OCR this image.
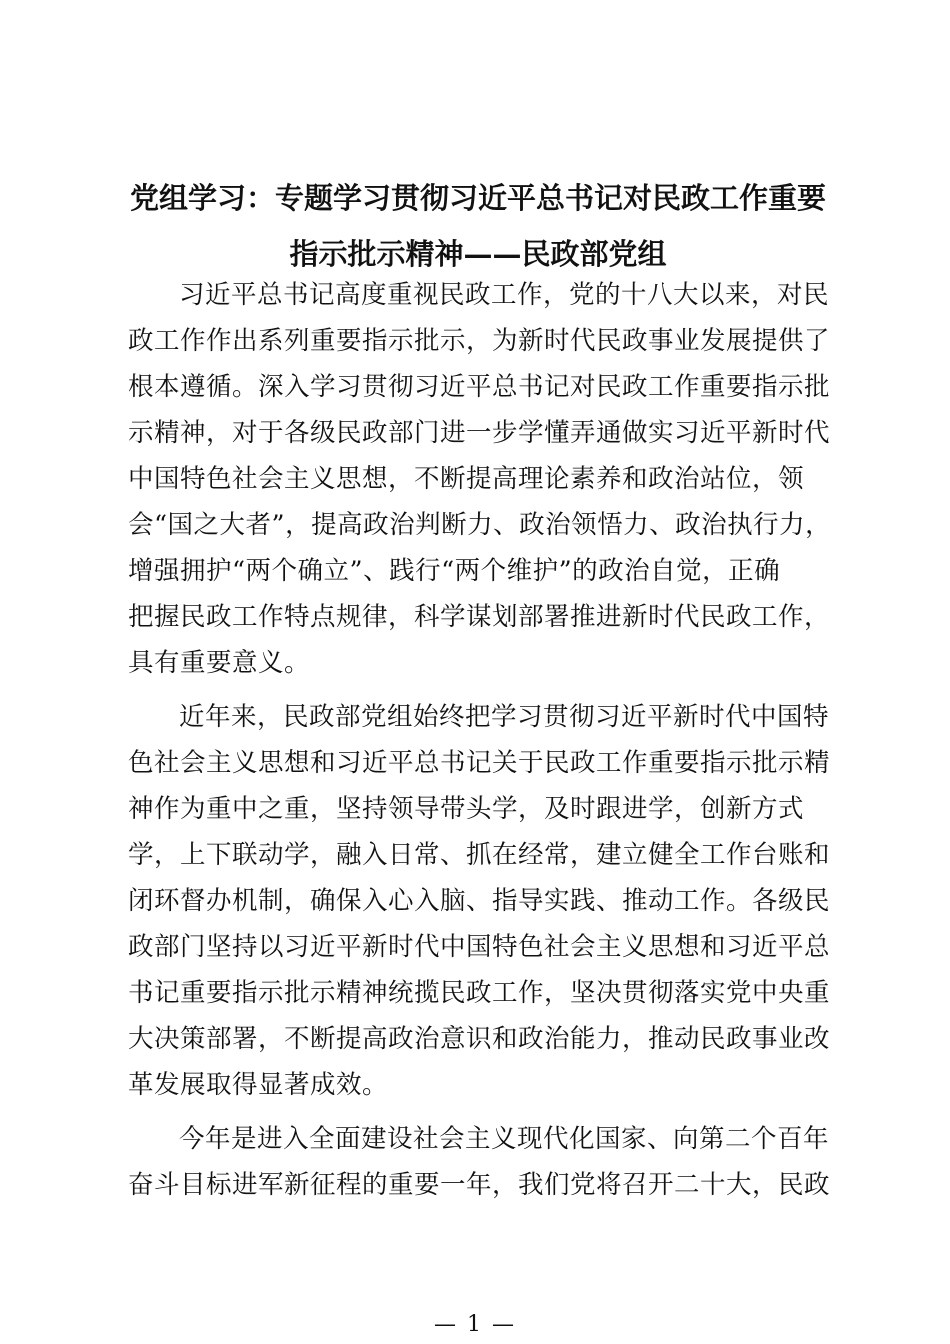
党组学习：专题学习贯彻习近平总书记对民政工作重要
指示批示精神——民政部党组

习近平总书记高度重视民政工作，党的十八大以来，对民
政工作作出系列重要指示批示，为新时代民政事业发展提供了
根本遵循。深入学习贯彻习近平总书记对民政工作重要指示批
示精神，对于各级民政部门进一步学懂弄通做实习近平新时代
中国特色社会主义思想，不断提高理论素养和政治站位，领
会“国之大者”，提高政治判断力、政治领悟力、政治执行力，
增强拥护“两个确立”、践行“两个维护”的政治自觉，正确
把握民政工作特点规律，科学谋划部署推进新时代民政工作，
具有重要意义。

近年来，民政部党组始终把学习贯彻习近平新时代中国特
色社会主义思想和习近平总书记关于民政工作重要指示批示精
神作为重中之重，坚持领导带头学，及时跟进学，创新方式
学，上下联动学，融入日常、抓在经常，建立健全工作台账和
闭环督办机制，确保入心入脑、指导实践、推动工作。各级民
政部门坚持以习近平新时代中国特色社会主义思想和习近平总
书记重要指示批示精神统揽民政工作，坚决贯彻落实党中央重
大决策部署，不断提高政治意识和政治能力，推动民政事业改
革发展取得显著成效。

今年是进入全面建设社会主义现代化国家、向第二个百年
奋斗目标进军新征程的重要一年，我们党将召开二十大，民政

— 1 —
